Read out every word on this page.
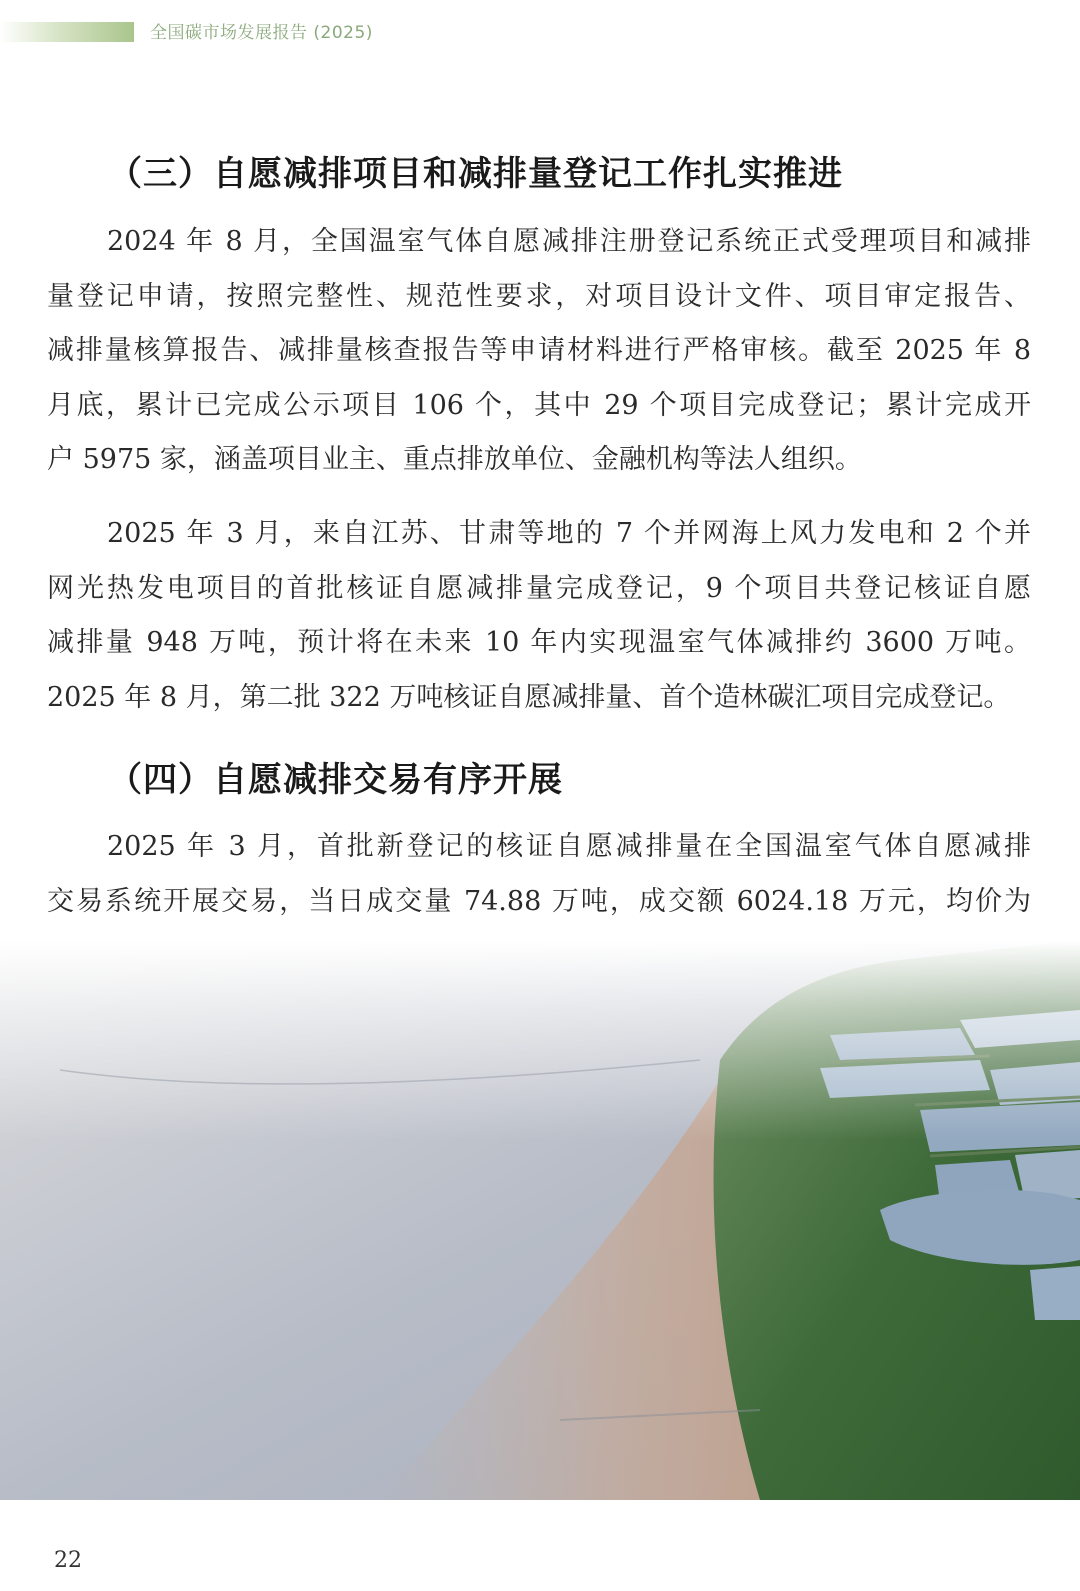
全国碳市场发展报告 (2025)
（三）自愿减排项目和减排量登记工作扎实推进
2024 年 8 月，全国温室气体自愿减排注册登记系统正式受理项目和减排
量登记申请，按照完整性、规范性要求，对项目设计文件、项目审定报告、
减排量核算报告、减排量核查报告等申请材料进行严格审核。截至 2025 年 8
月底，累计已完成公示项目 106 个，其中 29 个项目完成登记；累计完成开
户 5975 家，涵盖项目业主、重点排放单位、金融机构等法人组织。
2025 年 3 月，来自江苏、甘肃等地的 7 个并网海上风力发电和 2 个并
网光热发电项目的首批核证自愿减排量完成登记，9 个项目共登记核证自愿
减排量 948 万吨，预计将在未来 10 年内实现温室气体减排约 3600 万吨。
2025 年 8 月，第二批 322 万吨核证自愿减排量、首个造林碳汇项目完成登记。
（四）自愿减排交易有序开展
2025 年 3 月，首批新登记的核证自愿减排量在全国温室气体自愿减排
交易系统开展交易，当日成交量 74.88 万吨，成交额 6024.18 万元，均价为
22
